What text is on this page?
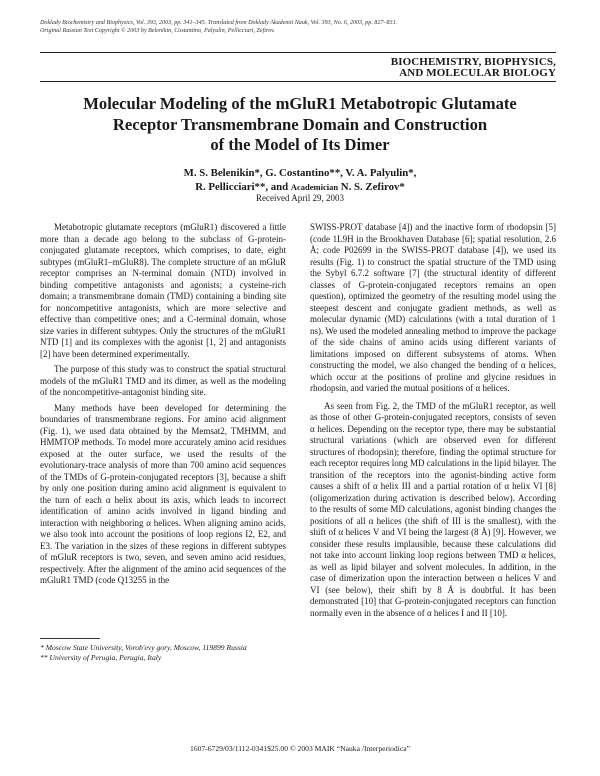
Doklady Biochemistry and Biophysics, Vol. 393, 2003, pp. 341–345. Translated from Doklady Akademii Nauk, Vol. 393, No. 6, 2003, pp. 827–831.
Original Russian Text Copyright © 2003 by Belenikin, Costantino, Palyulin, Pellicciari, Zefirov.
BIOCHEMISTRY, BIOPHYSICS,
AND MOLECULAR BIOLOGY
Molecular Modeling of the mGluR1 Metabotropic Glutamate
Receptor Transmembrane Domain and Construction
of the Model of Its Dimer
M. S. Belenikin*, G. Costantino**, V. A. Palyulin*,
R. Pellicciari**, and Academician N. S. Zefirov*
Received April 29, 2003

Metabotropic glutamate receptors (mGluR1) discovered a little more than a decade ago belong to the subclass of G-protein-conjugated glutamate receptors, which comprises, to date, eight subtypes (mGluR1–mGluR8). The complete structure of an mGluR receptor comprises an N-terminal domain (NTD) involved in binding competitive antagonists and agonists; a cysteine-rich domain; a transmembrane domain (TMD) containing a binding site for noncompetitive antagonists, which are more selective and effective than competitive ones; and a C-terminal domain, whose size varies in different subtypes. Only the structures of the mGluR1 NTD [1] and its complexes with the agonist [1, 2] and antagonists [2] have been determined experimentally.

The purpose of this study was to construct the spatial structural models of the mGluR1 TMD and its dimer, as well as the modeling of the noncompetitive-antagonist binding site.

Many methods have been developed for determining the boundaries of transmembrane regions. For amino acid alignment (Fig. 1), we used data obtained by the Memsat2, TMHMM, and HMMTOP methods. To model more accurately amino acid residues exposed at the outer surface, we used the results of the evolutionary-trace analysis of more than 700 amino acid sequences of the TMDs of G-protein-conjugated receptors [3], because a shift by only one position during amino acid alignment is equivalent to the turn of each α helix about its axis, which leads to incorrect identification of amino acids involved in ligand binding and interaction with neighboring α helices. When aligning amino acids, we also took into account the positions of loop regions I2, E2, and E3. The variation in the sizes of these regions in different subtypes of mGluR receptors is two, seven, and seven amino acid residues, respectively. After the alignment of the amino acid sequences of the mGluR1 TMD (code Q13255 in the

SWISS-PROT database [4]) and the inactive form of rhodopsin [5] (code 1L9H in the Brookhaven Database [6]; spatial resolution, 2.6 Å; code P02699 in the SWISS-PROT database [4]), we used its results (Fig. 1) to construct the spatial structure of the TMD using the Sybyl 6.7.2 software [7] (the structural identity of different classes of G-protein-conjugated receptors remains an open question), optimized the geometry of the resulting model using the steepest descent and conjugate gradient methods, as well as molecular dynamic (MD) calculations (with a total duration of 1 ns). We used the modeled annealing method to improve the package of the side chains of amino acids using different variants of limitations imposed on different subsystems of atoms. When constructing the model, we also changed the bending of α helices, which occur at the positions of proline and glycine residues in rhodopsin, and varied the mutual positions of α helices.

As seen from Fig. 2, the TMD of the mGluR1 receptor, as well as those of other G-protein-conjugated receptors, consists of seven α helices. Depending on the receptor type, there may be substantial structural variations (which are observed even for different structures of rhodopsin); therefore, finding the optimal structure for each receptor requires long MD calculations in the lipid bilayer. The transition of the receptors into the agonist-binding active form causes a shift of α helix III and a partial rotation of α helix VI [8] (oligomerization during activation is described below). According to the results of some MD calculations, agonist binding changes the positions of all α helices (the shift of III is the smallest), with the shift of α helices V and VI being the largest (8 Å) [9]. However, we consider these results implausible, because these calculations did not take into account linking loop regions between TMD α helices, as well as lipid bilayer and solvent molecules. In addition, in the case of dimerization upon the interaction between α helices V and VI (see below), their shift by 8 Å is doubtful. It has been demonstrated [10] that G-protein-conjugated receptors can function normally even in the absence of α helices I and II [10].

* Moscow State University, Vorob'evy gory, Moscow, 119899 Russia
** University of Perugia, Perugia, Italy
1607-6729/03/1112-0341$25.00 © 2003 MAIK “Nauka /Interperiodica”
